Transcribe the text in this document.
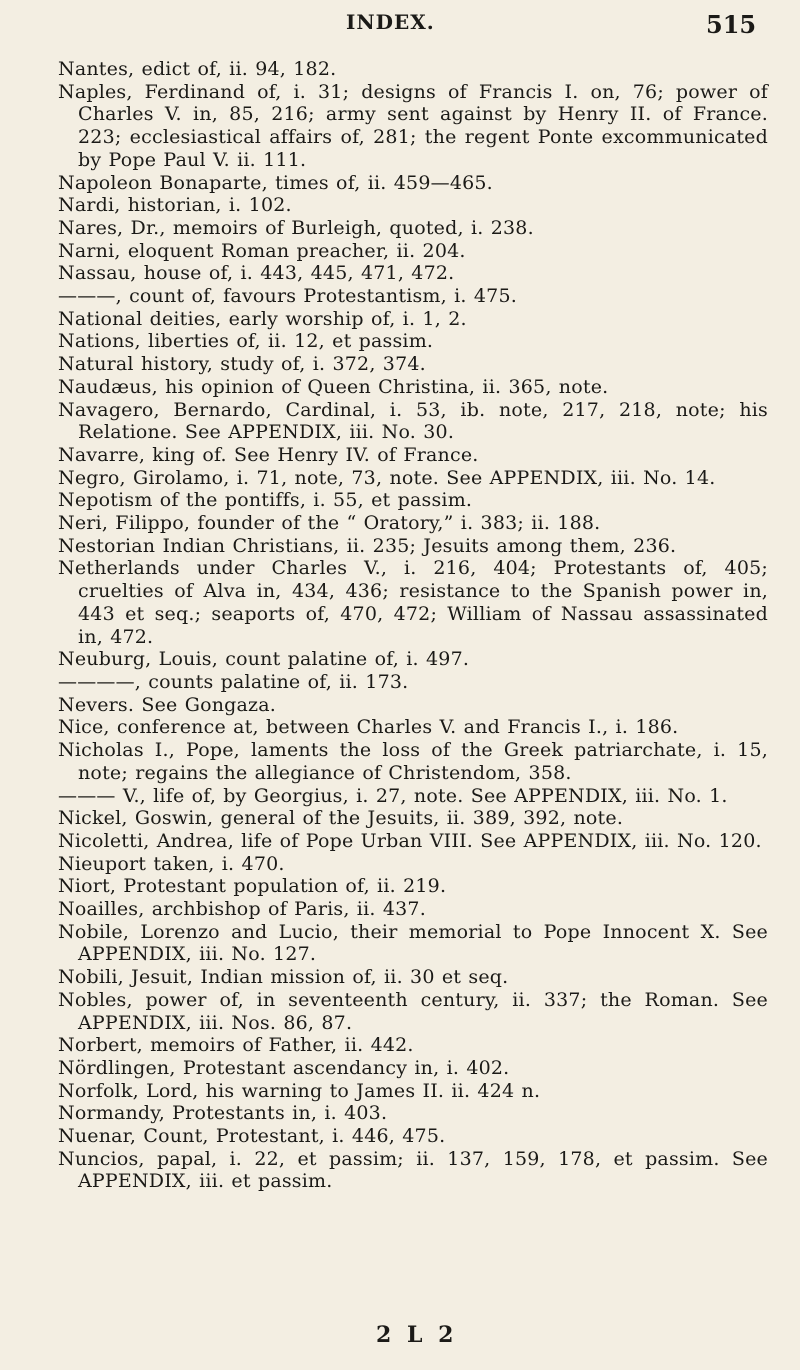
INDEX.	515
Nantes, edict of, ii. 94, 182.
Naples, Ferdinand of, i. 31; designs of Francis I. on, 76; power of Charles V. in, 85, 216; army sent against by Henry II. of France. 223; ecclesiastical affairs of, 281; the regent Ponte excommunicated by Pope Paul V. ii. 111.
Napoleon Bonaparte, times of, ii. 459—465.
Nardi, historian, i. 102.
Nares, Dr., memoirs of Burleigh, quoted, i. 238.
Narni, eloquent Roman preacher, ii. 204.
Nassau, house of, i. 443, 445, 471, 472.
———, count of, favours Protestantism, i. 475.
National deities, early worship of, i. 1, 2.
Nations, liberties of, ii. 12, et passim.
Natural history, study of, i. 372, 374.
Naudæus, his opinion of Queen Christina, ii. 365, note.
Navagero, Bernardo, Cardinal, i. 53, ib. note, 217, 218, note; his Relatione. See APPENDIX, iii. No. 30.
Navarre, king of. See Henry IV. of France.
Negro, Girolamo, i. 71, note, 73, note. See APPENDIX, iii. No. 14.
Nepotism of the pontiffs, i. 55, et passim.
Neri, Filippo, founder of the “ Oratory,” i. 383; ii. 188.
Nestorian Indian Christians, ii. 235; Jesuits among them, 236.
Netherlands under Charles V., i. 216, 404; Protestants of, 405; cruelties of Alva in, 434, 436; resistance to the Spanish power in, 443 et seq.; seaports of, 470, 472; William of Nassau assassinated in, 472.
Neuburg, Louis, count palatine of, i. 497.
————, counts palatine of, ii. 173.
Nevers. See Gongaza.
Nice, conference at, between Charles V. and Francis I., i. 186.
Nicholas I., Pope, laments the loss of the Greek patriarchate, i. 15, note; regains the allegiance of Christendom, 358.
——— V., life of, by Georgius, i. 27, note. See APPENDIX, iii. No. 1.
Nickel, Goswin, general of the Jesuits, ii. 389, 392, note.
Nicoletti, Andrea, life of Pope Urban VIII. See APPENDIX, iii. No. 120.
Nieuport taken, i. 470.
Niort, Protestant population of, ii. 219.
Noailles, archbishop of Paris, ii. 437.
Nobile, Lorenzo and Lucio, their memorial to Pope Innocent X. See APPENDIX, iii. No. 127.
Nobili, Jesuit, Indian mission of, ii. 30 et seq.
Nobles, power of, in seventeenth century, ii. 337; the Roman. See APPENDIX, iii. Nos. 86, 87.
Norbert, memoirs of Father, ii. 442.
Nördlingen, Protestant ascendancy in, i. 402.
Norfolk, Lord, his warning to James II. ii. 424 n.
Normandy, Protestants in, i. 403.
Nuenar, Count, Protestant, i. 446, 475.
Nuncios, papal, i. 22, et passim; ii. 137, 159, 178, et passim. See APPENDIX, iii. et passim.
2 L 2
